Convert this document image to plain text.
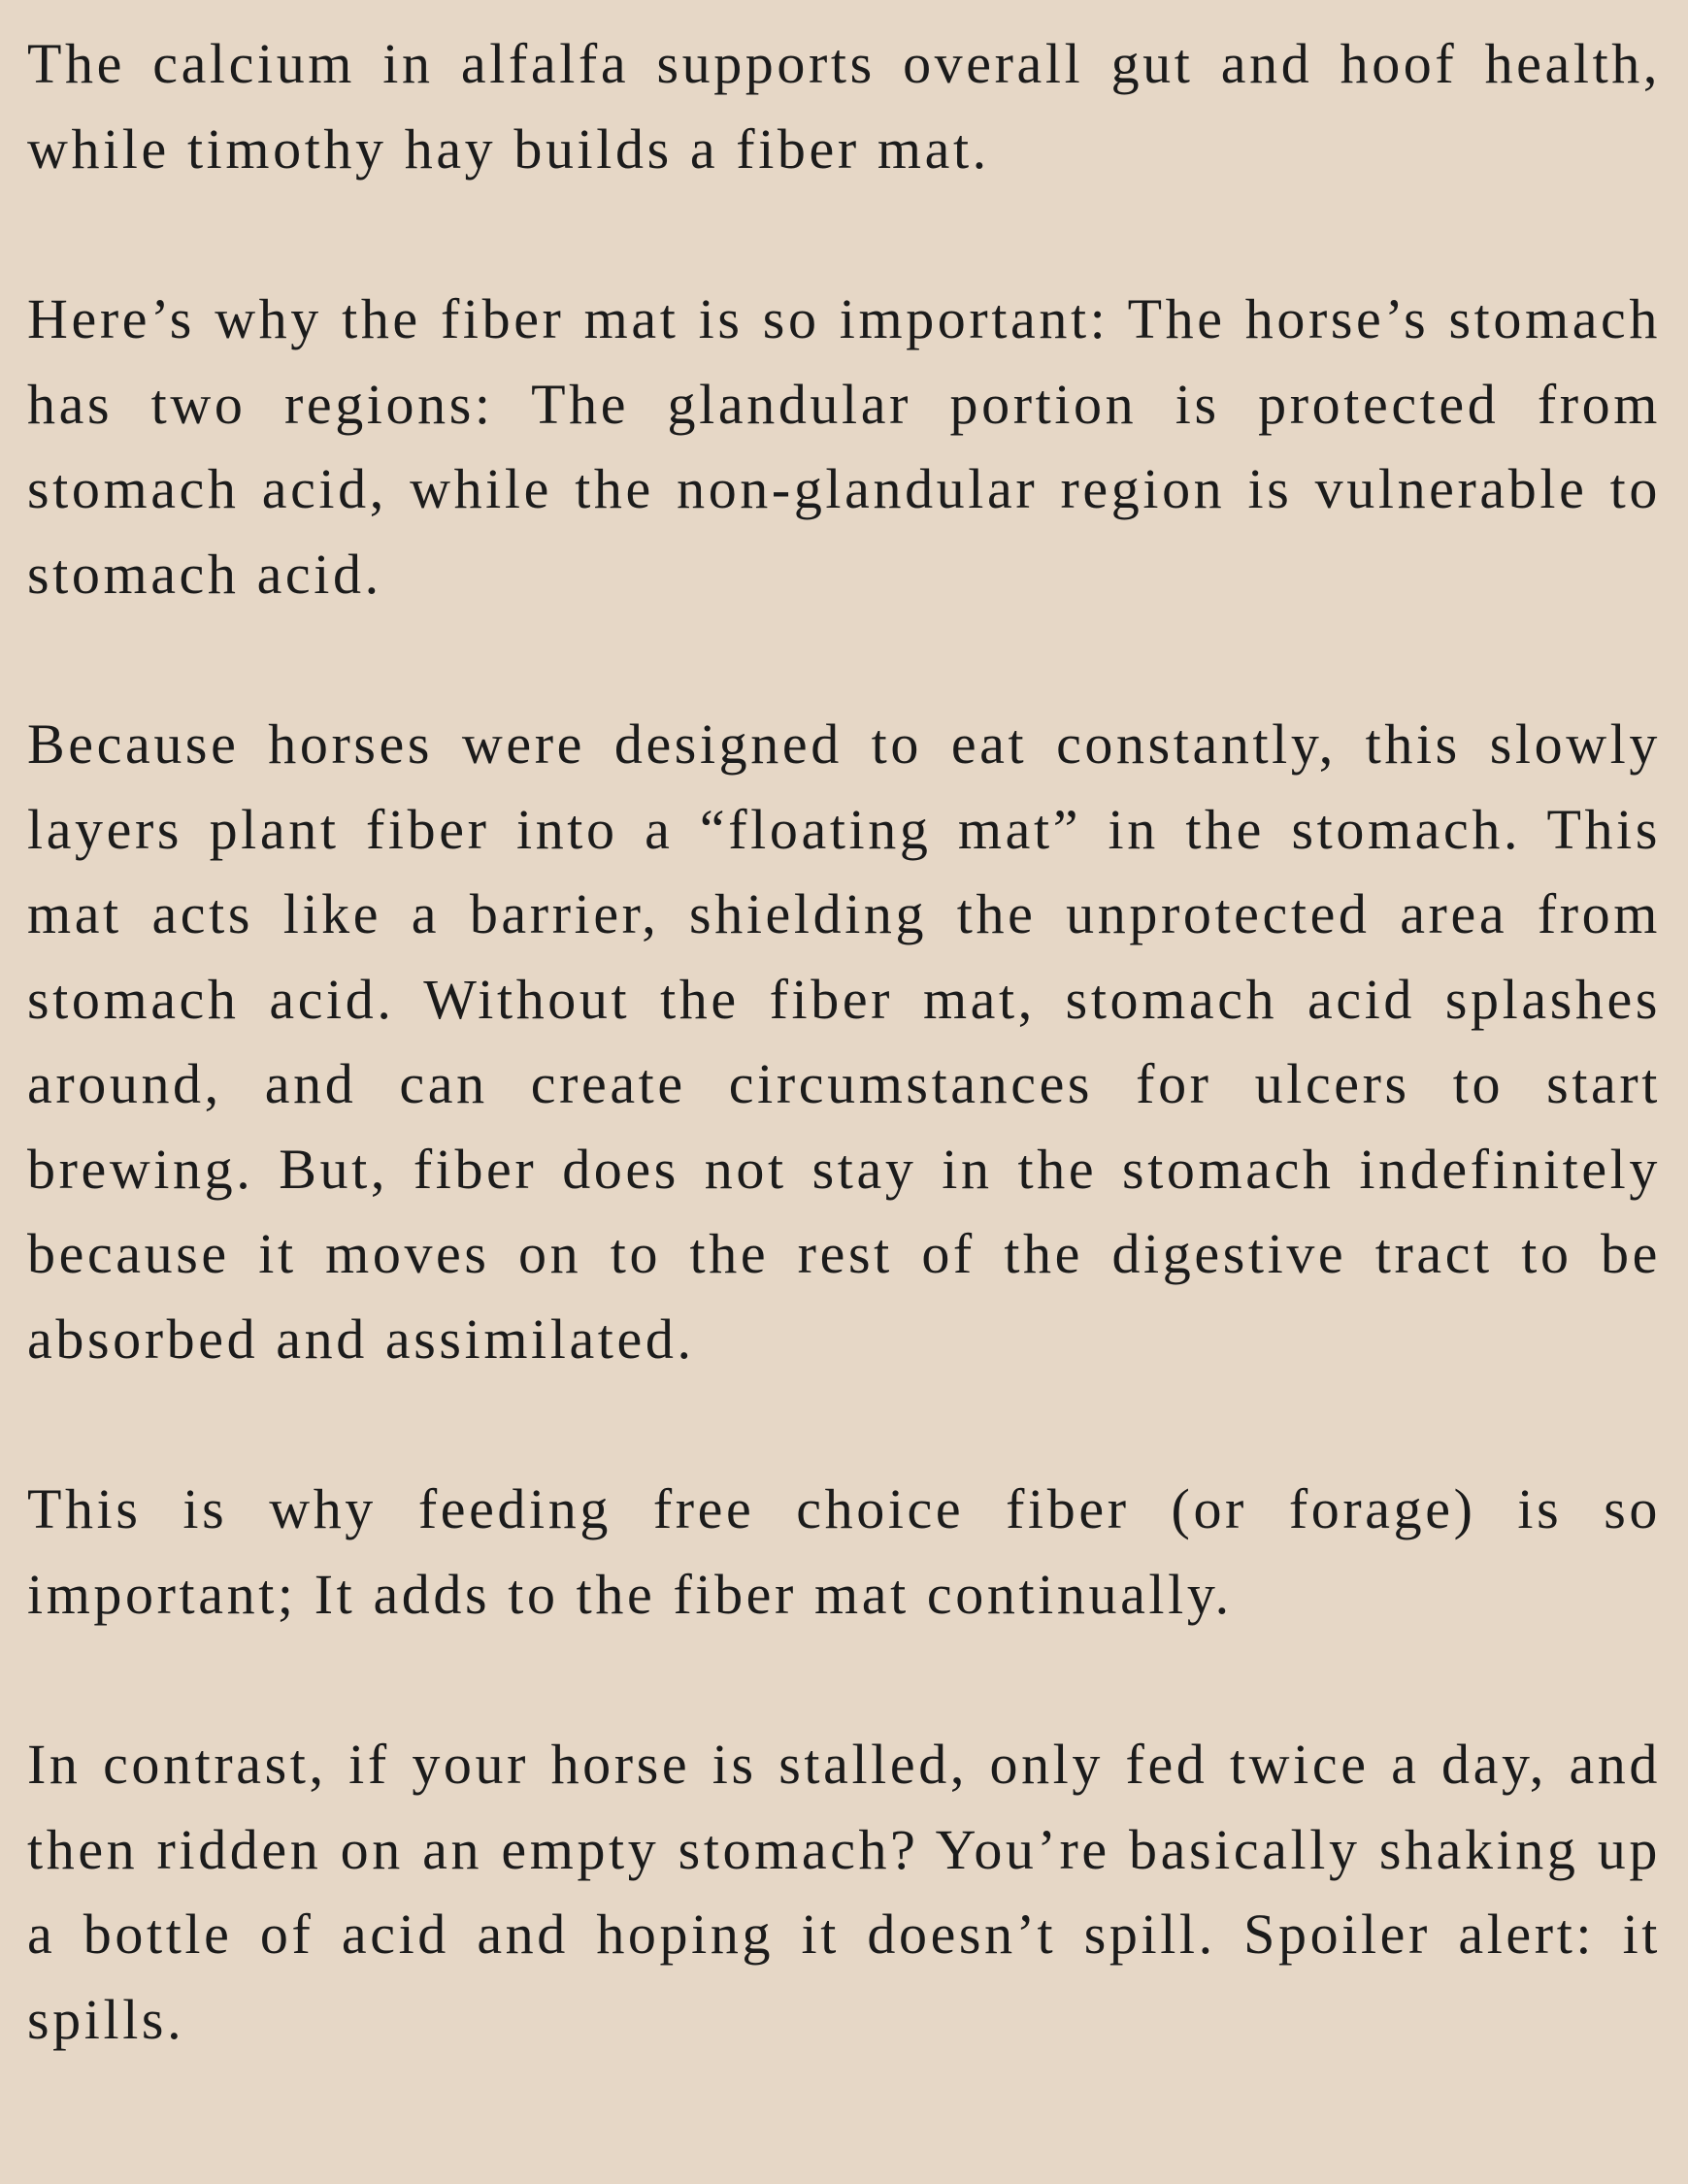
The calcium in alfalfa supports overall gut and hoof health, while timothy hay builds a fiber mat.

Here’s why the fiber mat is so important: The horse’s stomach has two regions: The glandular portion is protected from stomach acid, while the non-glandular region is vulnerable to stomach acid.

Because horses were designed to eat constantly, this slowly layers plant fiber into a “floating mat” in the stomach. This mat acts like a barrier, shielding the unprotected area from stomach acid. Without the fiber mat, stomach acid splashes around, and can create circumstances for ulcers to start brewing. But, fiber does not stay in the stomach indefinitely because it moves on to the rest of the digestive tract to be absorbed and assimilated.

This is why feeding free choice fiber (or forage) is so important; It adds to the fiber mat continually.

In contrast, if your horse is stalled, only fed twice a day, and then ridden on an empty stomach? You’re basically shaking up a bottle of acid and hoping it doesn’t spill. Spoiler alert: it spills.
